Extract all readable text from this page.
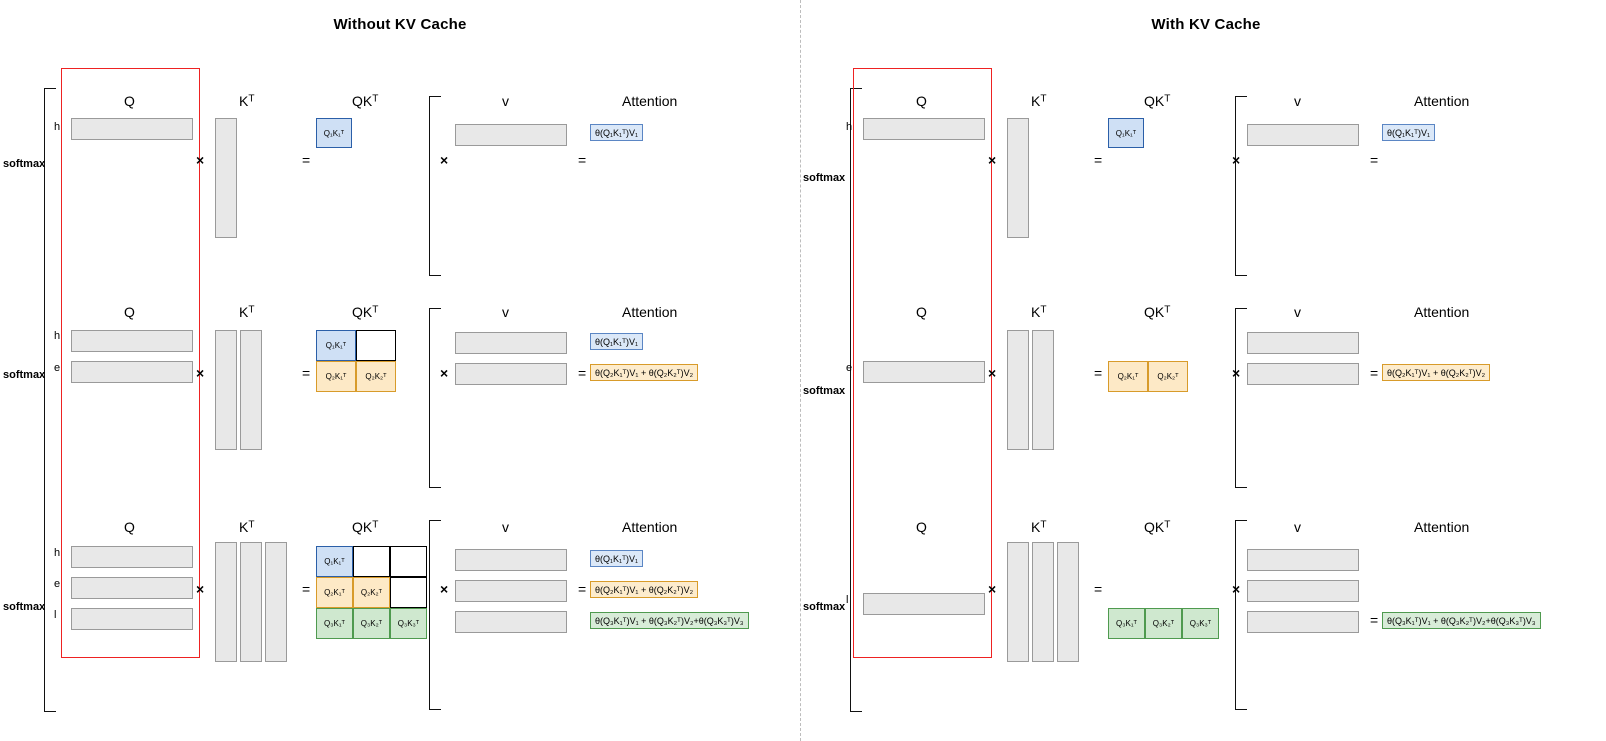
Without KV Cache
softmax
h
Q	$K^T$	$QK^T$	v	Attention
×	=
Q₁K₁ᵀ
×	=
θ(Q₁K₁ᵀ)V₁
softmax
h
e
Q	$K^T$	$QK^T$	v	Attention
×	=
Q₁K₁ᵀ
Q₂K₁ᵀ	Q₂K₂ᵀ	×	=
θ(Q₁K₁ᵀ)V₁
θ(Q₂K₁ᵀ)V₁ + θ(Q₂K₂ᵀ)V₂
softmax
h
e
l
Q	$K^T$	$QK^T$	v	Attention
×	=
Q₁K₁ᵀ
Q₂K₁ᵀ	Q₂K₂ᵀ
Q₃K₁ᵀ	Q₃K₂ᵀ	Q₃K₃ᵀ
×	=
θ(Q₁K₁ᵀ)V₁
θ(Q₂K₁ᵀ)V₁ + θ(Q₂K₂ᵀ)V₂
θ(Q₃K₁ᵀ)V₁ + θ(Q₃K₂ᵀ)V₂+θ(Q₃K₃ᵀ)V₃
With KV Cache
softmax
h
Q	$K^T$	$QK^T$	v	Attention
×	=
Q₁K₁ᵀ
×	=
θ(Q₁K₁ᵀ)V₁
softmax
e
Q	$K^T$	$QK^T$	v	Attention
×	=	Q₂K₁ᵀ	Q₂K₂ᵀ	×	= θ(Q₂K₁ᵀ)V₁ + θ(Q₂K₂ᵀ)V₂
softmax
l
Q	$K^T$	$QK^T$	v	Attention
×	=
Q₃K₁ᵀ	Q₃K₂ᵀ	Q₃K₃ᵀ
×
= θ(Q₃K₁ᵀ)V₁ + θ(Q₃K₂ᵀ)V₂+θ(Q₃K₃ᵀ)V₃
